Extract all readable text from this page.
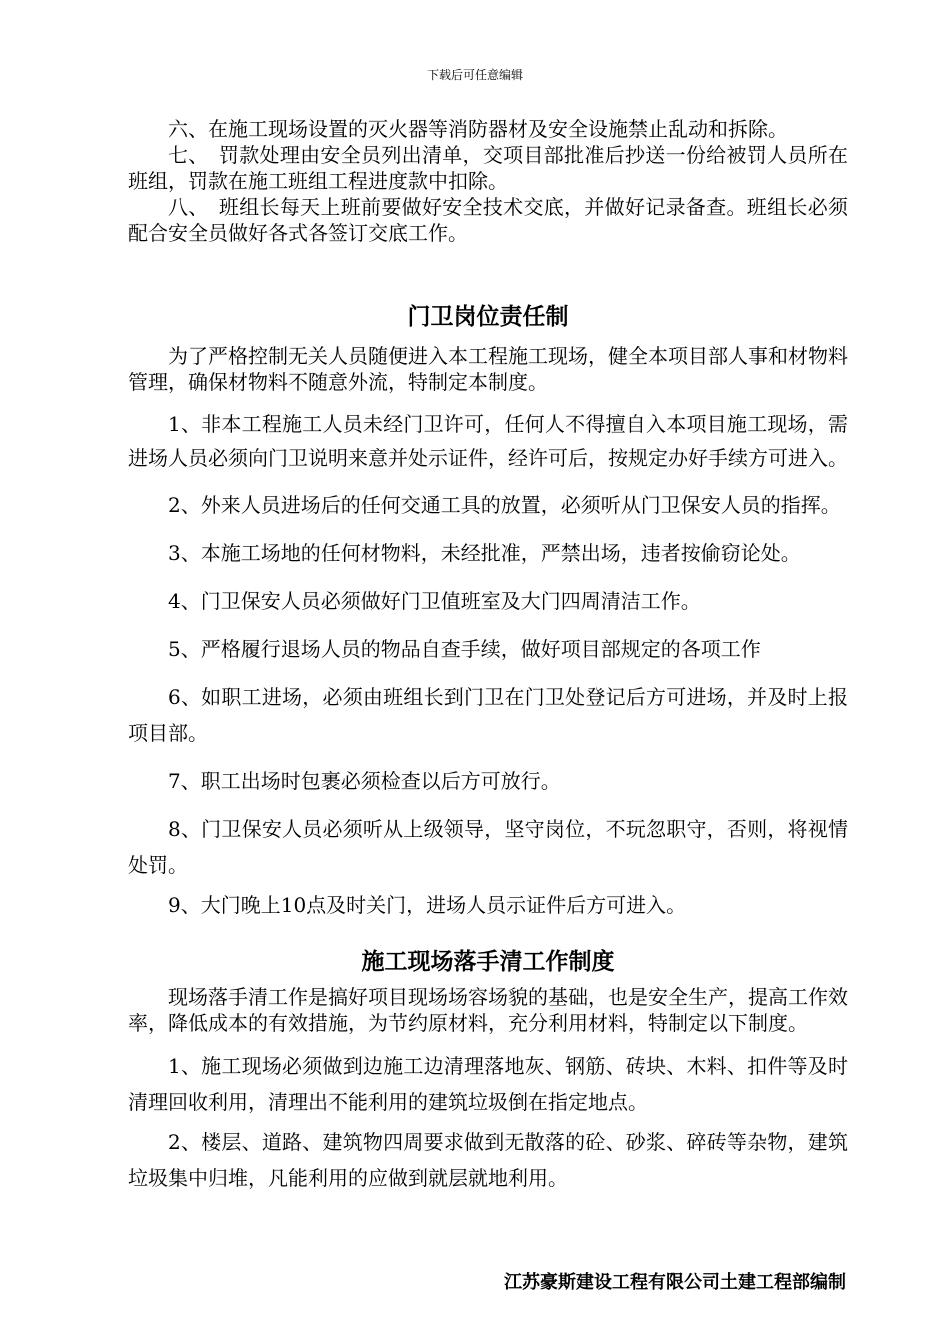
下载后可任意编辑

六、在施工现场设置的灭火器等消防器材及安全设施禁止乱动和拆除。

七、　罚款处理由安全员列出清单，交项目部批准后抄送一份给被罚人员所在班组，罚款在施工班组工程进度款中扣除。

八、　班组长每天上班前要做好安全技术交底，并做好记录备查。班组长必须配合安全员做好各式各签订交底工作。

门卫岗位责任制

为了严格控制无关人员随便进入本工程施工现场，健全本项目部人事和材物料管理，确保材物料不随意外流，特制定本制度。

1、非本工程施工人员未经门卫许可，任何人不得擅自入本项目施工现场，需进场人员必须向门卫说明来意并处示证件，经许可后，按规定办好手续方可进入。

2、外来人员进场后的任何交通工具的放置，必须听从门卫保安人员的指挥。

3、本施工场地的任何材物料，未经批准，严禁出场，违者按偷窃论处。

4、门卫保安人员必须做好门卫值班室及大门四周清洁工作。

5、严格履行退场人员的物品自查手续，做好项目部规定的各项工作

6、如职工进场，必须由班组长到门卫在门卫处登记后方可进场，并及时上报项目部。

7、职工出场时包裹必须检查以后方可放行。

8、门卫保安人员必须听从上级领导，坚守岗位，不玩忽职守，否则，将视情处罚。

9、大门晚上10点及时关门，进场人员示证件后方可进入。

施工现场落手清工作制度

现场落手清工作是搞好项目现场场容场貌的基础，也是安全生产，提高工作效率，降低成本的有效措施，为节约原材料，充分利用材料，特制定以下制度。

1、施工现场必须做到边施工边清理落地灰、钢筋、砖块、木料、扣件等及时清理回收利用，清理出不能利用的建筑垃圾倒在指定地点。

2、楼层、道路、建筑物四周要求做到无散落的砼、砂浆、碎砖等杂物，建筑垃圾集中归堆，凡能利用的应做到就层就地利用。

江苏豪斯建设工程有限公司土建工程部编制
